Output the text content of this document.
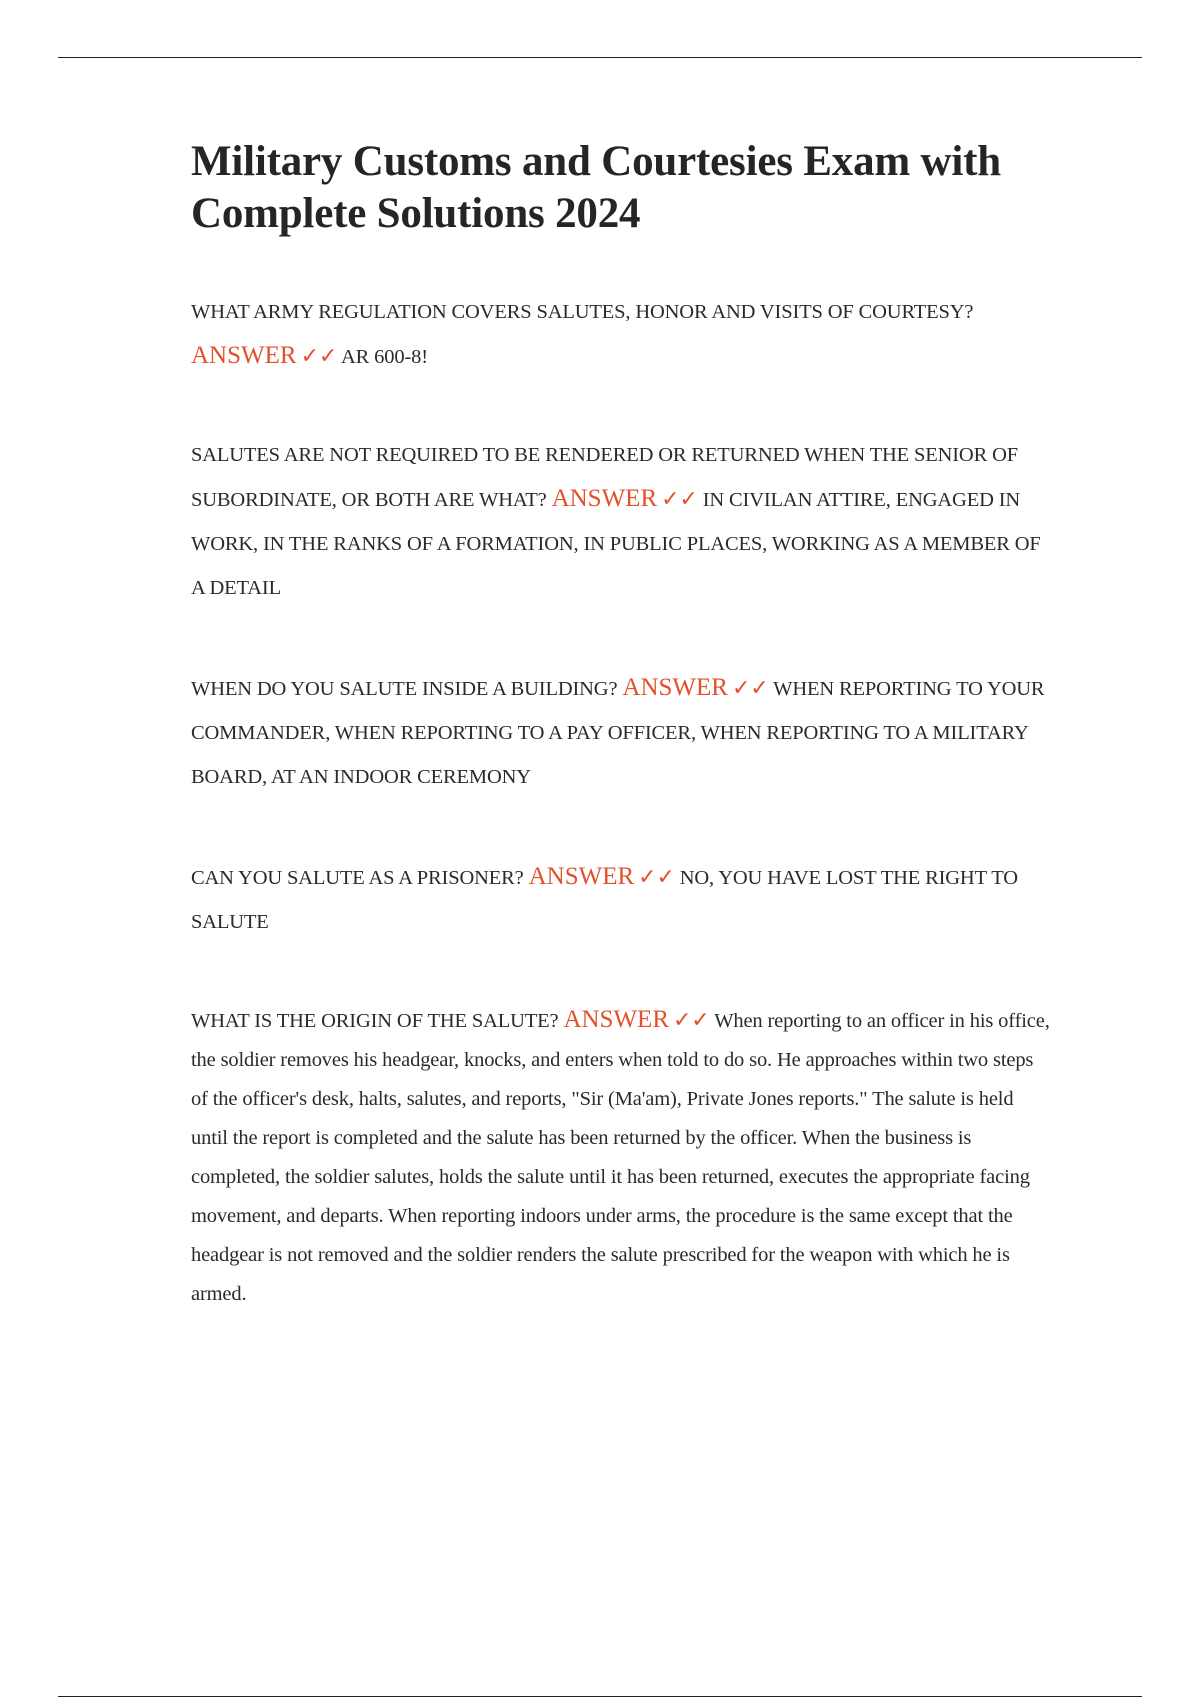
Military Customs and Courtesies Exam with Complete Solutions 2024

WHAT ARMY REGULATION COVERS SALUTES, HONOR AND VISITS OF COURTESY? ANSWER ✓✓ AR 600-8!

SALUTES ARE NOT REQUIRED TO BE RENDERED OR RETURNED WHEN THE SENIOR OF SUBORDINATE, OR BOTH ARE WHAT? ANSWER ✓✓ IN CIVILAN ATTIRE, ENGAGED IN WORK, IN THE RANKS OF A FORMATION, IN PUBLIC PLACES, WORKING AS A MEMBER OF A DETAIL

WHEN DO YOU SALUTE INSIDE A BUILDING? ANSWER ✓✓ WHEN REPORTING TO YOUR COMMANDER, WHEN REPORTING TO A PAY OFFICER, WHEN REPORTING TO A MILITARY BOARD, AT AN INDOOR CEREMONY

CAN YOU SALUTE AS A PRISONER? ANSWER ✓✓ NO, YOU HAVE LOST THE RIGHT TO SALUTE

WHAT IS THE ORIGIN OF THE SALUTE? ANSWER ✓✓ When reporting to an officer in his office, the soldier removes his headgear, knocks, and enters when told to do so. He approaches within two steps of the officer's desk, halts, salutes, and reports, "Sir (Ma'am), Private Jones reports." The salute is held until the report is completed and the salute has been returned by the officer. When the business is completed, the soldier salutes, holds the salute until it has been returned, executes the appropriate facing movement, and departs. When reporting indoors under arms, the procedure is the same except that the headgear is not removed and the soldier renders the salute prescribed for the weapon with which he is armed.
